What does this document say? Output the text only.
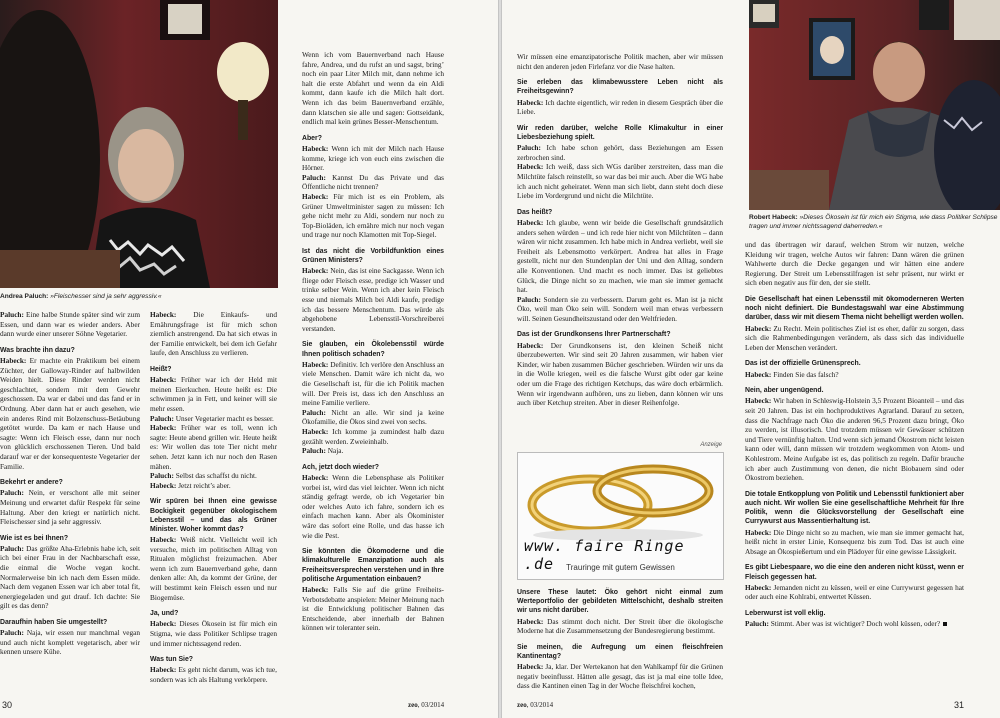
Andrea Paluch: »Fleischesser sind ja sehr aggressiv.«
Paluch: Eine halbe Stunde später sind wir zum Essen, und dann war es wieder anders. Aber dann wurde einer unserer Söhne Vegetarier.
Was brachte ihn dazu?
Habeck: Er machte ein Praktikum bei einem Züchter, der Galloway-Rinder auf halbwilden Weiden hielt. Diese Rinder werden nicht geschlachtet, sondern mit dem Gewehr geschossen. Da war er dabei und das fand er in Ordnung. Aber dann hat er auch gesehen, wie ein anderes Rind mit Bolzenschuss-Betäubung getötet wurde. Da kam er nach Hause und sagte: Wenn ich Fleisch esse, dann nur noch von glücklich erschossenen Tieren. Und bald darauf war er der konsequenteste Vegetarier der Familie.
Bekehrt er andere?
Paluch: Nein, er verschont alle mit seiner Meinung und erwartet dafür Respekt für seine Haltung. Aber den kriegt er natürlich nicht. Fleischesser sind ja sehr aggressiv.
Wie ist es bei Ihnen?
Paluch: Das größte Aha-Erlebnis habe ich, seit ich bei einer Frau in der Nachbarschaft esse, die einmal die Woche vegan kocht. Normalerweise bin ich nach dem Essen müde. Nach dem veganen Essen war ich aber total fit, energiegeladen und gut drauf. Ich dachte: Sie gilt es das denn?
Daraufhin haben Sie umgestellt?
Paluch: Naja, wir essen nur manchmal vegan und auch nicht komplett vegetarisch, aber wir kennen unsere Kühe.
Habeck: Die Einkaufs- und Ernährungsfrage ist für mich schon ziemlich anstrengend. Da hat sich etwas in der Familie entwickelt, bei dem ich Gefahr laufe, den Anschluss zu verlieren.
Heißt?
Habeck: Früher war ich der Held mit meinen Eierkuchen. Heute heißt es: Die schwimmen ja in Fett, und keiner will sie mehr essen.
Paluch: Unser Vegetarier macht es besser.
Habeck: Früher war es toll, wenn ich sagte: Heute abend grillen wir. Heute heißt es: Wir wollen das tote Tier nicht mehr sehen. Jetzt kann ich nur noch den Rasen mähen.
Paluch: Selbst das schaffst du nicht.
Habeck: Jetzt reicht’s aber.
Wir spüren bei Ihnen eine gewisse Bockigkeit gegenüber ökologischem Lebensstil – und das als Grüner Minister. Woher kommt das?
Habeck: Weiß nicht. Vielleicht weil ich versuche, mich im politischen Alltag von Ritualen möglichst freizumachen. Aber wenn ich zum Bauernverband gehe, dann denken alle: Ah, da kommt der Grüne, der will bestimmt kein Fleisch essen und nur Biogemüse.
Ja, und?
Habeck: Dieses Ökosein ist für mich ein Stigma, wie dass Politiker Schlipse tragen und immer nichtssagend reden.
Was tun Sie?
Habeck: Es geht nicht darum, was ich tue, sondern was ich als Haltung verkörpere.
Wenn ich vom Bauernverband nach Hause fahre, Andrea, und du rufst an und sagst, bring’ noch ein paar Liter Milch mit, dann nehme ich halt die erste Abfahrt und wenn da ein Aldi kommt, dann kaufe ich die Milch halt dort. Wenn ich das beim Bauernverband erzähle, dann klatschen sie alle und sagen: Gottseidank, endlich mal kein grünes Besser-Menschentum.
Aber?
Habeck: Wenn ich mit der Milch nach Hause komme, kriege ich von euch eins zwischen die Hörner.
Paluch: Kannst Du das Private und das Öffentliche nicht trennen?
Habeck: Für mich ist es ein Problem, als Grüner Umweltminister sagen zu müssen: Ich gehe nicht mehr zu Aldi, sondern nur noch zu Top-Bioläden, ich ernähre mich nur noch vegan und trage nur noch Klamotten mit Top-Siegel.
Ist das nicht die Vorbildfunktion eines Grünen Ministers?
Habeck: Nein, das ist eine Sackgasse. Wenn ich fliege oder Fleisch esse, predige ich Wasser und trinke selber Wein. Wenn ich aber kein Fleisch esse und niemals Milch bei Aldi kaufe, predige ich das bessere Menschentum. Das würde als abgehobene Lebensstil-Vorschreiberei verstanden.
Sie glauben, ein Ökolebensstil würde Ihnen politisch schaden?
Habeck: Definitiv. Ich verlöre den Anschluss an viele Menschen. Damit wäre ich nicht da, wo die Gesellschaft ist, für die ich Politik machen will. Der Preis ist, dass ich den Anschluss an meine Familie verliere.
Paluch: Nicht an alle. Wir sind ja keine Ökofamilie, die Ökos sind zwei von sechs.
Habeck: Ich komme ja zumindest halb dazu gezählt werden. Zweieinhalb.
Paluch: Naja.
Ach, jetzt doch wieder?
Habeck: Wenn die Lebensphase als Politiker vorbei ist, wird das viel leichter. Wenn ich nicht ständig gefragt werde, ob ich Vegetarier bin oder welches Auto ich fahre, sondern ich es einfach machen kann. Aber als Ökominister wäre das sofort eine Rolle, und das hasse ich wie die Pest.
Sie könnten die Ökomoderne und die klimakulturelle Emanzipation auch als Freiheitsversprechen verstehen und in Ihre politische Argumentation einbauen?
Habeck: Falls Sie auf die grüne Freiheits-Verbotsdebatte anspielen: Meiner Meinung nach ist die Entwicklung politischer Bahnen das Entscheidende, aber innerhalb der Bahnen können wir toleranter sein.
30	zeo, 03/2014
Wir müssen eine emanzipatorische Politik machen, aber wir müssen nicht den anderen jeden Firlefanz vor die Nase halten.
Sie erleben das klimabewusstere Leben nicht als Freiheitsgewinn?
Habeck: Ich dachte eigentlich, wir reden in diesem Gespräch über die Liebe.
Wir reden darüber, welche Rolle Klimakultur in einer Liebesbeziehung spielt.
Paluch: Ich habe schon gehört, dass Beziehungen am Essen zerbrochen sind.
Habeck: Ich weiß, dass sich WGs darüber zerstreiten, dass man die Milchtüte falsch reinstellt, so war das bei mir auch. Aber die WG habe ich auch nicht geheiratet. Wenn man sich liebt, dann steht doch diese Liebe im Vordergrund und nicht die Milchtüte.
Das heißt?
Habeck: Ich glaube, wenn wir beide die Gesellschaft grundsätzlich anders sehen würden – und ich rede hier nicht von Milchtüten – dann wären wir nicht zusammen. Ich habe mich in Andrea verliebt, weil sie Freiheit als Lebensmotto verkörpert. Andrea hat alles in Frage gestellt, nicht nur den Stundenplan der Uni und den Alltag, sondern alle Konventionen. Und macht es noch immer. Das ist geliebtes Glück, die Dinge nicht so zu machen, wie man sie immer gemacht hat.
Paluch: Sondern sie zu verbessern. Darum geht es. Man ist ja nicht Öko, weil man Öko sein will. Sondern weil man etwas verbessern will. Seinen Gesundheitszustand oder den Weltfrieden.
Das ist der Grundkonsens Ihrer Partnerschaft?
Habeck: Der Grundkonsens ist, den kleinen Scheiß nicht überzubewerten. Wir sind seit 20 Jahren zusammen, wir haben vier Kinder, wir haben zusammen Bücher geschrieben. Würden wir uns da in die Wolle kriegen, weil es die falsche Wurst gibt oder gar keine oder um die Frage des richtigen Ketchups, das wäre doch erbärmlich. Wenn wir irgendwann aufhören, uns zu lieben, dann können wir uns auch über Ketchup streiten. Aber in dieser Reihenfolge.
Anzeige
www. faire Ringe .de	Trauringe mit gutem Gewissen
Unsere These lautet: Öko gehört nicht einmal zum Werteportfolio der gebildeten Mittelschicht, deshalb streiten wir uns nicht darüber.
Habeck: Das stimmt doch nicht. Der Streit über die ökologische Moderne hat die Zusammensetzung der Bundesregierung bestimmt.
Sie meinen, die Aufregung um einen fleischfreien Kantinentag?
Habeck: Ja, klar. Der Wertekanon hat den Wahlkampf für die Grünen negativ beeinflusst. Hätten alle gesagt, das ist ja mal eine tolle Idee, dass die Kantinen einen Tag in der Woche fleischfrei kochen,
Robert Habeck: »Dieses Ökosein ist für mich ein Stigma, wie dass Politiker Schlipse tragen und immer nichtssagend daherreden.«
und das übertragen wir darauf, welchen Strom wir nutzen, welche Kleidung wir tragen, welche Autos wir fahren: Dann wären die grünen Wahlwerte durch die Decke gegangen und wir hätten eine andere Regierung. Der Streit um Lebensstilfragen ist sehr präsent, nur wirkt er sich eben negativ aus für den, der sie stellt.
Die Gesellschaft hat einen Lebensstil mit ökomoderneren Werten noch nicht definiert. Die Bundestagswahl war eine Abstimmung darüber, dass wir mit diesem Thema nicht behelligt werden wollen.
Habeck: Zu Recht. Mein politisches Ziel ist es eher, dafür zu sorgen, dass sich die Rahmenbedingungen verändern, als dass sich das individuelle Leben der Menschen verändert.
Das ist der offizielle Grünensprech.
Habeck: Finden Sie das falsch?
Nein, aber ungenügend.
Habeck: Wir haben in Schleswig-Holstein 3,5 Prozent Bioanteil – und das seit 20 Jahren. Das ist ein hochproduktives Agrarland. Darauf zu setzen, dass die Nachfrage nach Öko die anderen 96,5 Prozent dazu bringt, Öko zu werden, ist illusorisch. Und trotzdem müssen wir Gewässer schützen und Tiere vernünftig halten. Und wenn sich jemand Ökostrom nicht leisten kann oder will, dann müssen wir trotzdem wegkommen von Atom- und Kohlestrom. Meine Aufgabe ist es, das politisch zu regeln. Dafür brauche ich aber auch Zustimmung von denen, die nicht Biobauern sind oder Ökostrom beziehen.
Die totale Entkopplung von Politik und Lebensstil funktioniert aber auch nicht. Wir wollen Sie eine gesellschaftliche Mehrheit für Ihre Politik, wenn die Glücksvorstellung der Gesellschaft eine Currywurst aus Massentierhaltung ist.
Habeck: Die Dinge nicht so zu machen, wie man sie immer gemacht hat, heißt nicht in erster Linie, Konsequenz bis zum Tod. Das ist auch eine Absage an Ökospießertum und ein Plädoyer für eine gewisse Lässigkeit.
Es gibt Liebespaare, wo die eine den anderen nicht küsst, wenn er Fleisch gegessen hat.
Habeck: Jemanden nicht zu küssen, weil er eine Currywurst gegessen hat oder auch eine Kohlrabi, entwertet Küssen.
Leberwurst ist voll eklig.
Paluch: Stimmt. Aber was ist wichtiger? Doch wohl küssen, oder?
zeo, 03/2014	31
